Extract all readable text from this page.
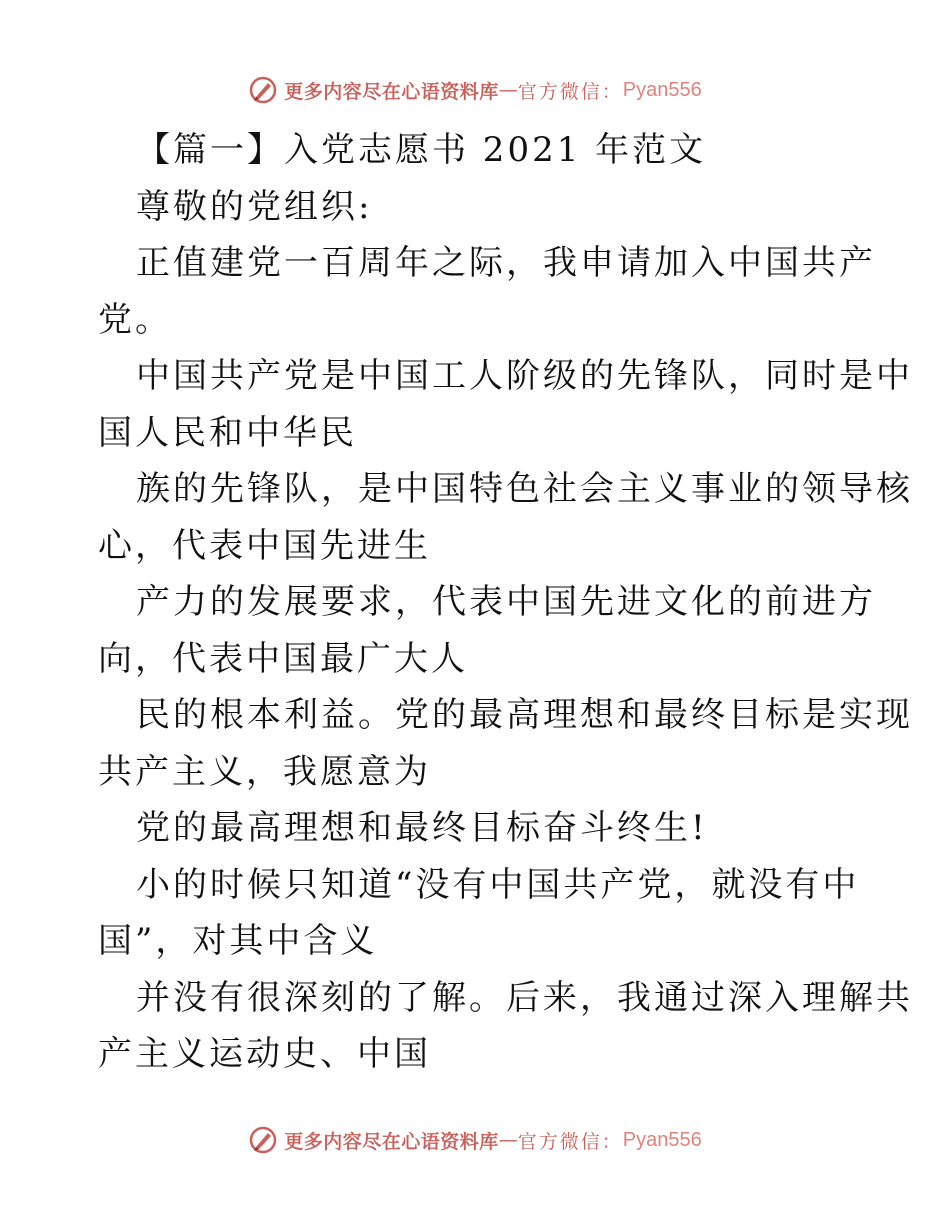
更多内容尽在心语资料库 — 官方微信： Pyan556

【篇一】入党志愿书 2021 年范文

尊敬的党组织:

正值建党一百周年之际，我申请加入中国共产

党。

中国共产党是中国工人阶级的先锋队，同时是中

国人民和中华民

族的先锋队，是中国特色社会主义事业的领导核

心，代表中国先进生

产力的发展要求，代表中国先进文化的前进方

向，代表中国最广大人

民的根本利益。党的最高理想和最终目标是实现

共产主义，我愿意为

党的最高理想和最终目标奋斗终生!

小的时候只知道“没有中国共产党，就没有中

国”，对其中含义

并没有很深刻的了解。后来，我通过深入理解共

产主义运动史、中国

更多内容尽在心语资料库 — 官方微信： Pyan556
